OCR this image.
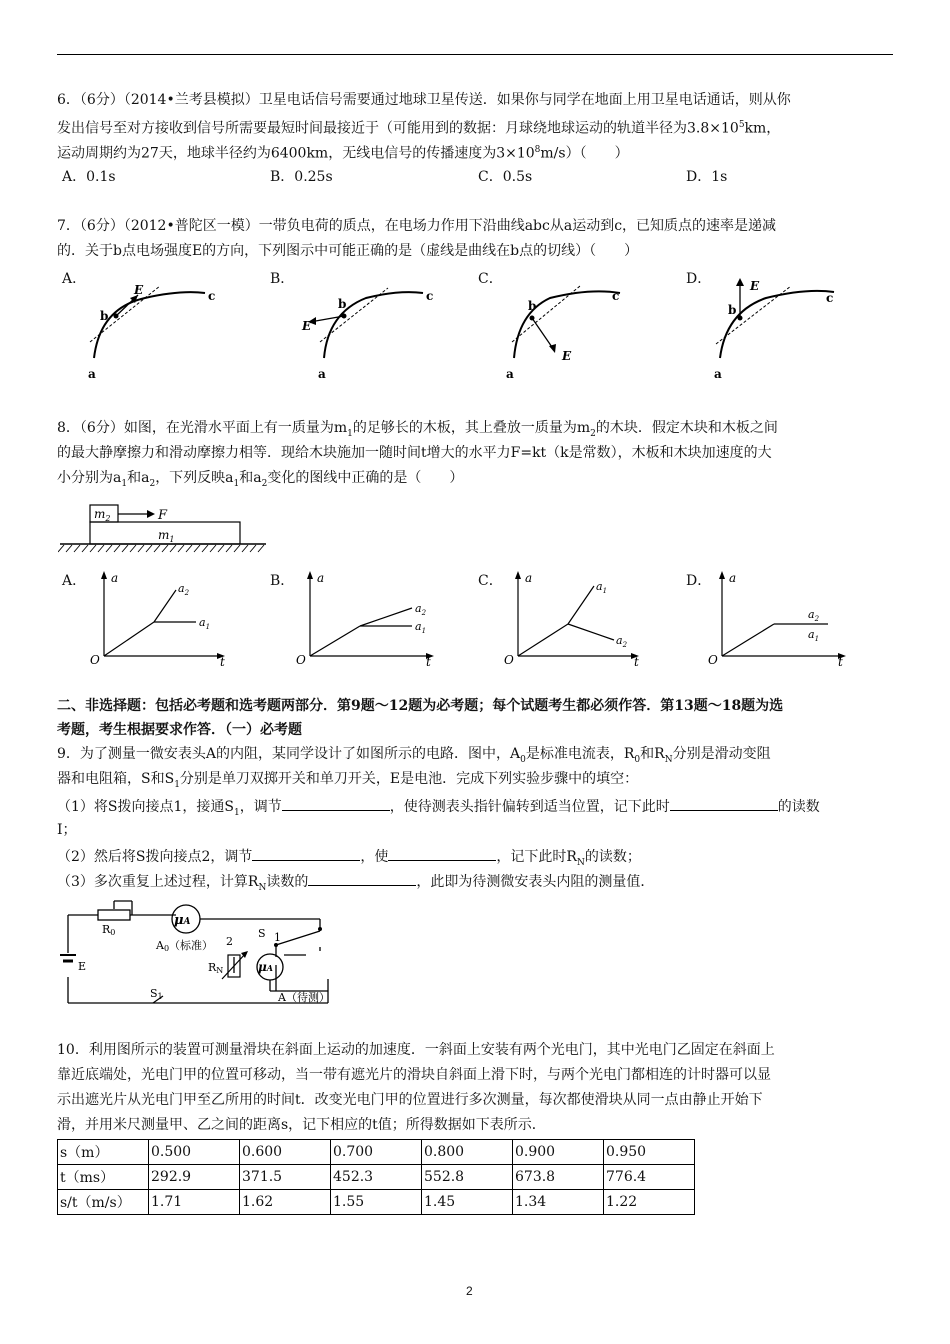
6．（6分）（2014•兰考县模拟）卫星电话信号需要通过地球卫星传送．如果你与同学在地面上用卫星电话通话，则从你
发出信号至对方接收到信号所需要最短时间最接近于（可能用到的数据：月球绕地球运动的轨道半径为$3.8\times 10^5km$，
运动周期约为27天，地球半径约为6400km，无线电信号的传播速度为$3\times 10^8m/s$）（　　）
A．0.1s	B．0.25s	C．0.5s	D．1s
7．（6分）（2012•普陀区一模）一带负电荷的质点，在电场力作用下沿曲线abc从a运动到c，已知质点的速率是递减
的．关于b点电场强度E的方向，下列图示中可能正确的是（虚线是曲线在b点的切线）（　　）
A．	B．	C．	D．
b
E	c
a
b
E
c
a
b
E
c
a
b
E
c
a
8．（6分）如图，在光滑水平面上有一质量为$m_1$的足够长的木板，其上叠放一质量为$m_2$的木块．假定木块和木板之间
的最大静摩擦力和滑动摩擦力相等．现给木块施加一随时间t增大的水平力F=kt（k是常数），木板和木块加速度的大
小分别为$a_1$和$a_2$，下列反映$a_1$和$a_2$变化的图线中正确的是（　　）
$m_2$	F
$m_1$
A．	B．	C．	D．
a
O	t
$a_2$
$a_1$
a
O	t
$a_2$
$a_1$
a
O	t
$a_1$
$a_2$
a
O	t
$a_2$
$a_1$
二、非选择题：包括必考题和选考题两部分．第9题～12题为必考题；每个试题考生都必须作答．第13题～18题为选
考题，考生根据要求作答．（一）必考题
9．为了测量一微安表头A的内阻，某同学设计了如图所示的电路．图中，$A_0$是标准电流表，$R_0$和$R_N$分别是滑动变阻
器和电阻箱，S和$S_1$分别是单刀双掷开关和单刀开关，E是电池．完成下列实验步骤中的填空：
（1）将S拨向接点1，接通$S_1$，调节	，使待测表头指针偏转到适当位置，记下此时	的读数
I；
（2）然后将S拨向接点2，调节	，使	，记下此时$R_N$的读数；
（3）多次重复上述过程，计算$R_N$读数的	，此即为待测微安表头内阻的测量值．
μA
μA
R0
A0（标准）
E
S
2	1
RN
A（待测）
S1
10．利用图所示的装置可测量滑块在斜面上运动的加速度．一斜面上安装有两个光电门，其中光电门乙固定在斜面上
靠近底端处，光电门甲的位置可移动，当一带有遮光片的滑块自斜面上滑下时，与两个光电门都相连的计时器可以显
示出遮光片从光电门甲至乙所用的时间t．改变光电门甲的位置进行多次测量，每次都使滑块从同一点由静止开始下
滑，并用米尺测量甲、乙之间的距离s，记下相应的t值；所得数据如下表所示．
s（m）	0.500	0.600	0.700	0.800	0.900	0.950
t（ms）	292.9	371.5	452.3	552.8	673.8	776.4
s/t（m/s）	1.71	1.62	1.55	1.45	1.34	1.22
2
